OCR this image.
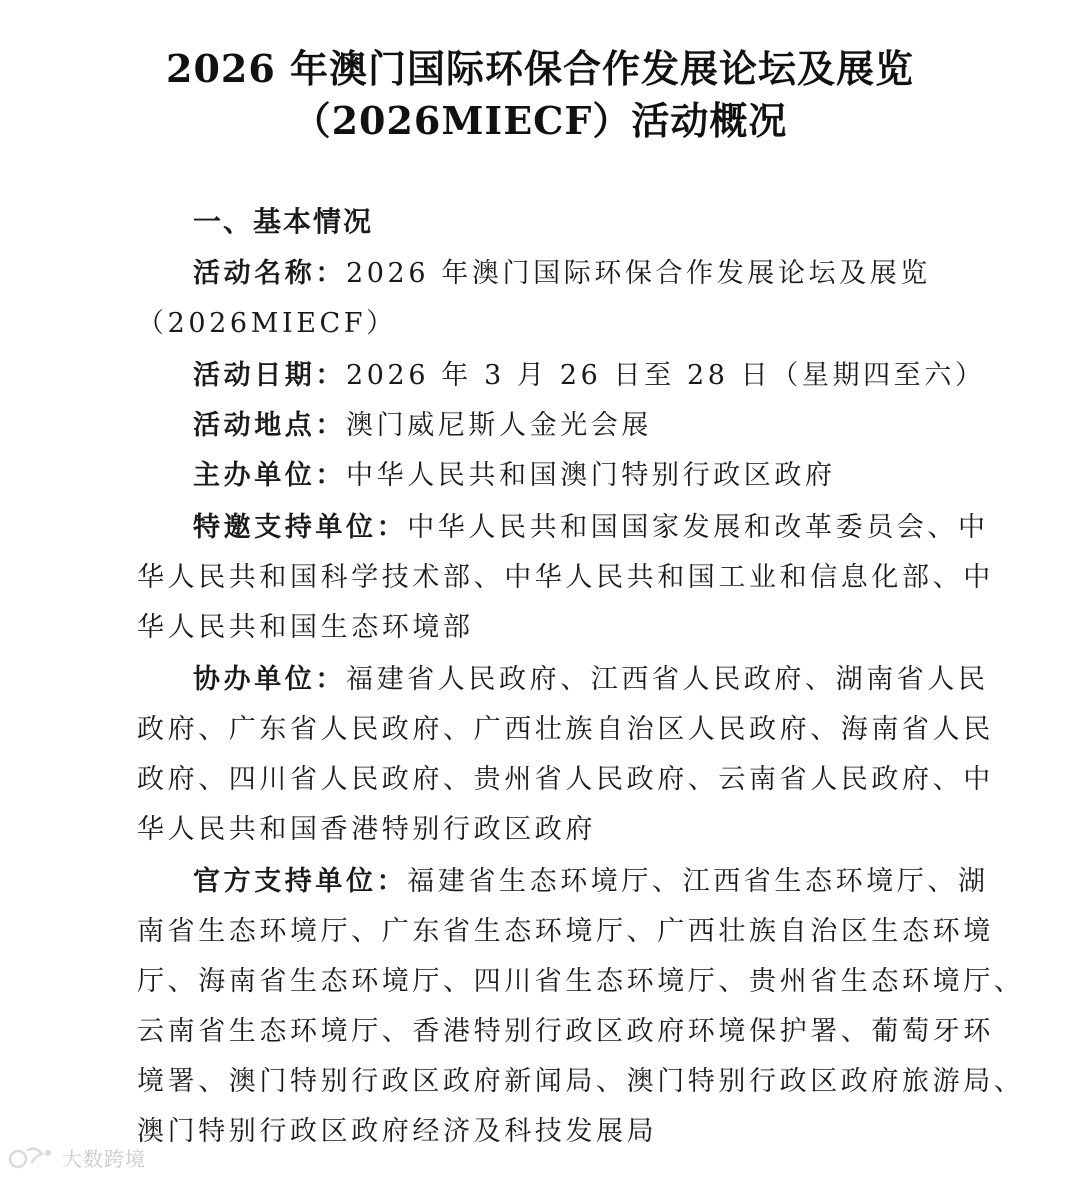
2026 年澳门国际环保合作发展论坛及展览
（2026MIECF）活动概况
一、基本情况
活动名称：2026 年澳门国际环保合作发展论坛及展览
（2026MIECF）
活动日期：2026 年 3 月 26 日至 28 日（星期四至六）
活动地点：澳门威尼斯人金光会展
主办单位：中华人民共和国澳门特别行政区政府
特邀支持单位：中华人民共和国国家发展和改革委员会、中
华人民共和国科学技术部、中华人民共和国工业和信息化部、中
华人民共和国生态环境部
协办单位：福建省人民政府、江西省人民政府、湖南省人民
政府、广东省人民政府、广西壮族自治区人民政府、海南省人民
政府、四川省人民政府、贵州省人民政府、云南省人民政府、中
华人民共和国香港特别行政区政府
官方支持单位：福建省生态环境厅、江西省生态环境厅、湖
南省生态环境厅、广东省生态环境厅、广西壮族自治区生态环境
厅、海南省生态环境厅、四川省生态环境厅、贵州省生态环境厅、
云南省生态环境厅、香港特别行政区政府环境保护署、葡萄牙环
境署、澳门特别行政区政府新闻局、澳门特别行政区政府旅游局、
澳门特别行政区政府经济及科技发展局
大数跨境
